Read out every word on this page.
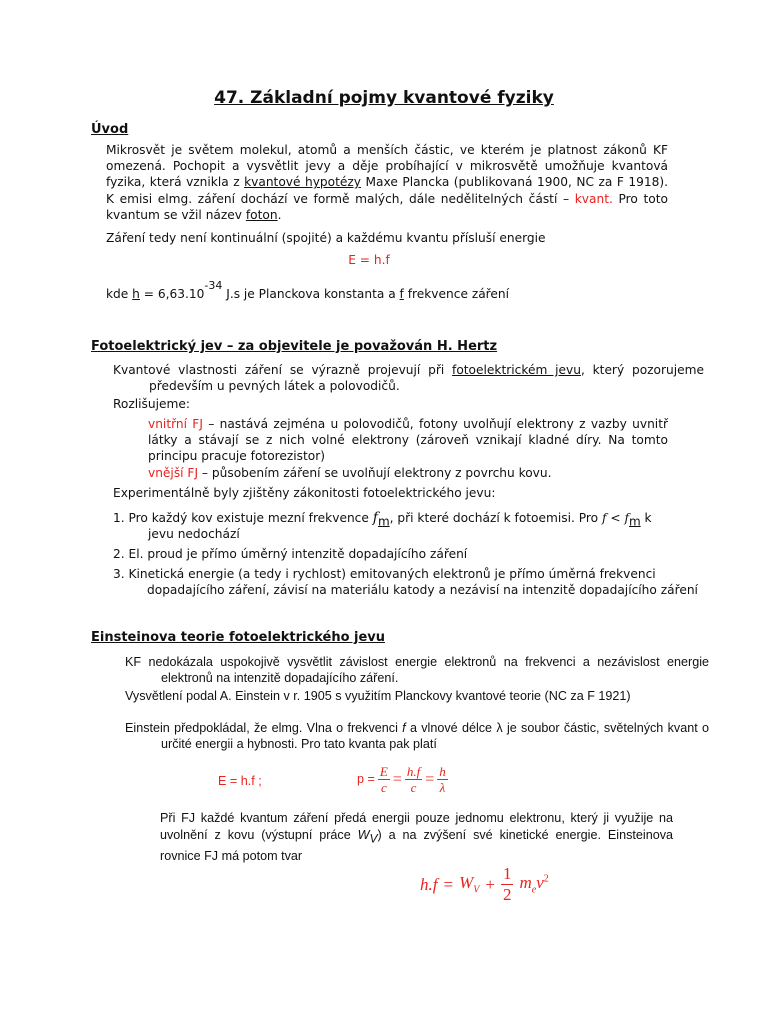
47. Základní pojmy kvantové fyziky
Úvod
Mikrosvět je světem molekul, atomů a menších částic, ve kterém je platnost zákonů KF omezená. Pochopit a vysvětlit jevy a děje probíhající v mikrosvětě umožňuje kvantová fyzika, která vznikla z kvantové hypotézy Maxe Plancka (publikovaná 1900, NC za F 1918). K emisi elmg. záření dochází ve formě malých, dále nedělitelných částí – kvant. Pro toto kvantum se vžil název foton.
Záření tedy není kontinuální (spojité) a každému kvantu přísluší energie
E = h.f
kde $h = 6,63.10^{-34}$ J.s je Planckova konstanta a f frekvence záření
Fotoelektrický jev – za objevitele je považován H. Hertz
Kvantové vlastnosti záření se výrazně projevují při fotoelektrickém jevu, který pozorujeme především u pevných látek a polovodičů.
Rozlišujeme:
vnitřní FJ – nastává zejména u polovodičů, fotony uvolňují elektrony z vazby uvnitř látky a stávají se z nich volné elektrony (zároveň vznikají kladné díry. Na tomto principu pracuje fotorezistor)
vnější FJ – působením záření se uvolňují elektrony z povrchu kovu.
Experimentálně byly zjištěny zákonitosti fotoelektrického jevu:
1. Pro každý kov existuje mezní frekvence $f_m$, při které dochází k fotoemisi. Pro $f < f_m$ k
jevu nedochází
2. El. proud je přímo úměrný intenzitě dopadajícího záření
3. Kinetická energie (a tedy i rychlost) emitovaných elektronů je přímo úměrná frekvenci dopadajícího záření, závisí na materiálu katody a nezávisí na intenzitě dopadajícího záření
Einsteinova teorie fotoelektrického jevu
KF nedokázala uspokojivě vysvětlit závislost energie elektronů na frekvenci a nezávislost energie elektronů na intenzitě dopadajícího záření.
Vysvětlení podal A. Einstein v r. 1905 s využitím Planckovy kvantové teorie (NC za F 1921)
Einstein předpokládal, že elmg. Vlna o frekvenci f a vlnové délce λ je soubor částic, světelných kvant o určité energii a hybnosti. Pro tato kvanta pak platí
E = h.f ;	$p = \frac{E}{c} = \frac{h.f}{c} = \frac{h}{\lambda}$
Při FJ každé kvantum záření předá energii pouze jednomu elektronu, který ji využije na uvolnění z kovu (výstupní práce $W_V$) a na zvýšení své kinetické energie. Einsteinova rovnice FJ má potom tvar
$h.f = W_V + \frac{1}{2} m_ev^2$
